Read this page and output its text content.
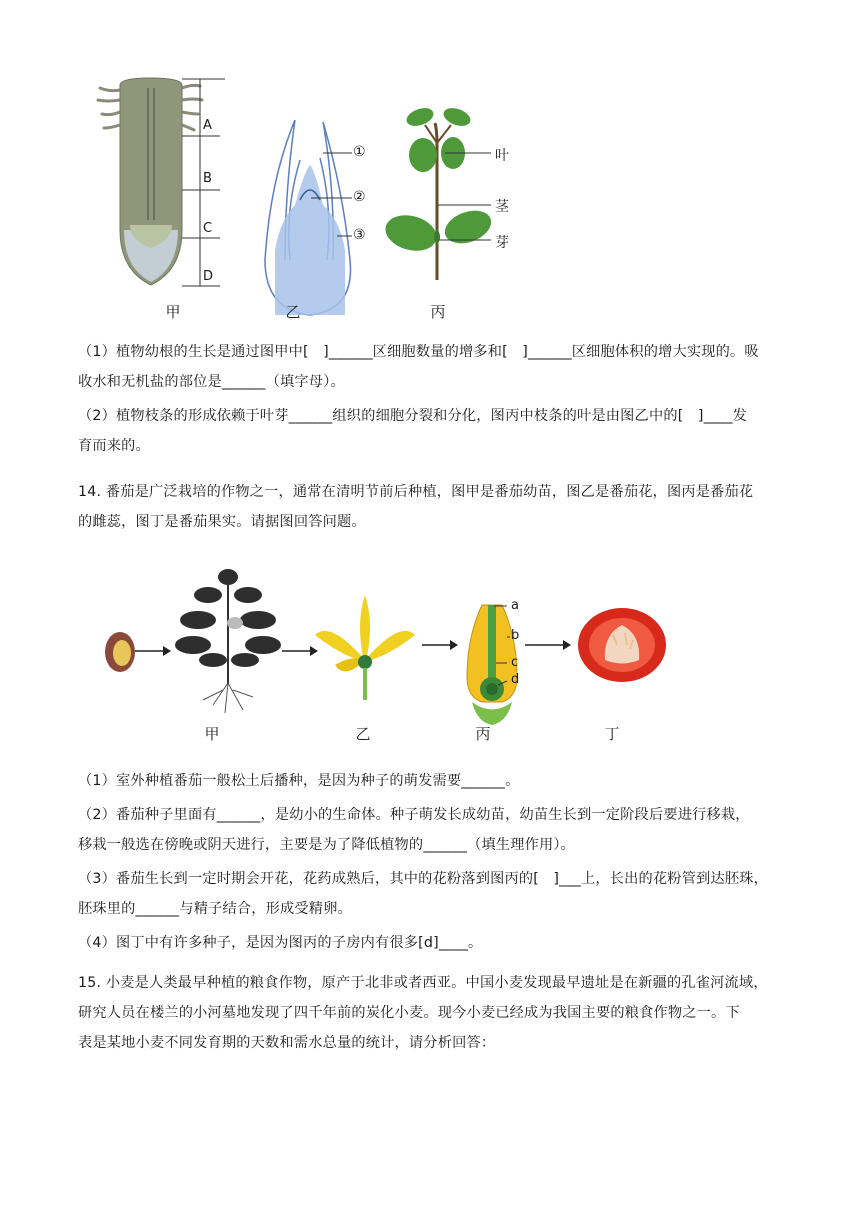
A
B
C
D
①
②
③
叶
茎
芽
甲	乙	丙

（1）植物幼根的生长是通过图甲中[　]______区细胞数量的增多和[　]______区细胞体积的增大实现的。吸

收水和无机盐的部位是______（填字母）。

（2）植物枝条的形成依赖于叶芽______组织的细胞分裂和分化，图丙中枝条的叶是由图乙中的[　]____发

育而来的。

14. 番茄是广泛栽培的作物之一，通常在清明节前后种植，图甲是番茄幼苗，图乙是番茄花，图丙是番茄花

的雌蕊，图丁是番茄果实。请据图回答问题。

a
b
c
d
甲	乙	丙	丁

（1）室外种植番茄一般松土后播种，是因为种子的萌发需要______。

（2）番茄种子里面有______，是幼小的生命体。种子萌发长成幼苗，幼苗生长到一定阶段后要进行移栽，

移栽一般选在傍晚或阴天进行，主要是为了降低植物的______（填生理作用）。

（3）番茄生长到一定时期会开花，花药成熟后，其中的花粉落到图丙的[　]___上，长出的花粉管到达胚珠，

胚珠里的______与精子结合，形成受精卵。

（4）图丁中有许多种子，是因为图丙的子房内有很多[d]____。

15. 小麦是人类最早种植的粮食作物，原产于北非或者西亚。中国小麦发现最早遗址是在新疆的孔雀河流域，

研究人员在楼兰的小河墓地发现了四千年前的炭化小麦。现今小麦已经成为我国主要的粮食作物之一。下

表是某地小麦不同发育期的天数和需水总量的统计，请分析回答：
